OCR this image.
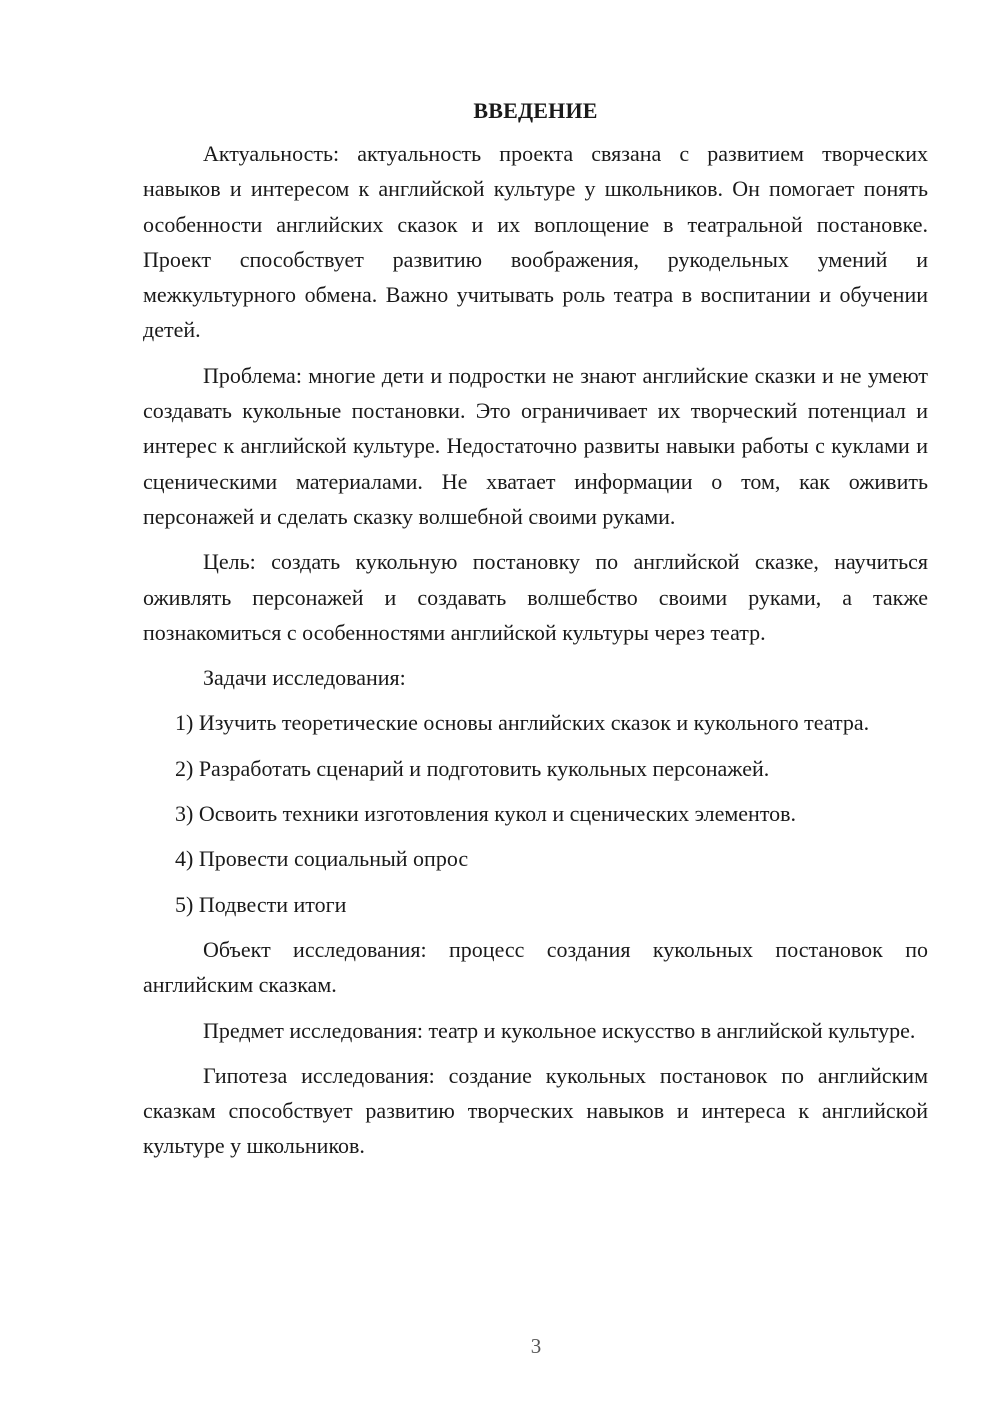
ВВЕДЕНИЕ

Актуальность: актуальность проекта связана с развитием творческих навыков и интересом к английской культуре у школьников. Он помогает понять особенности английских сказок и их воплощение в театральной постановке. Проект способствует развитию воображения, рукодельных умений и межкультурного обмена. Важно учитывать роль театра в воспитании и обучении детей.

Проблема: многие дети и подростки не знают английские сказки и не умеют создавать кукольные постановки. Это ограничивает их творческий потенциал и интерес к английской культуре. Недостаточно развиты навыки работы с куклами и сценическими материалами. Не хватает информации о том, как оживить персонажей и сделать сказку волшебной своими руками.

Цель: создать кукольную постановку по английской сказке, научиться оживлять персонажей и создавать волшебство своими руками, а также познакомиться с особенностями английской культуры через театр.

Задачи исследования:

1) Изучить теоретические основы английских сказок и кукольного театра.

2) Разработать сценарий и подготовить кукольных персонажей.

3) Освоить техники изготовления кукол и сценических элементов.

4) Провести социальный опрос

5) Подвести итоги

Объект исследования: процесс создания кукольных постановок по английским сказкам.

Предмет исследования: театр и кукольное искусство в английской культуре.

Гипотеза исследования: создание кукольных постановок по английским сказкам способствует развитию творческих навыков и интереса к английской культуре у школьников.

3
